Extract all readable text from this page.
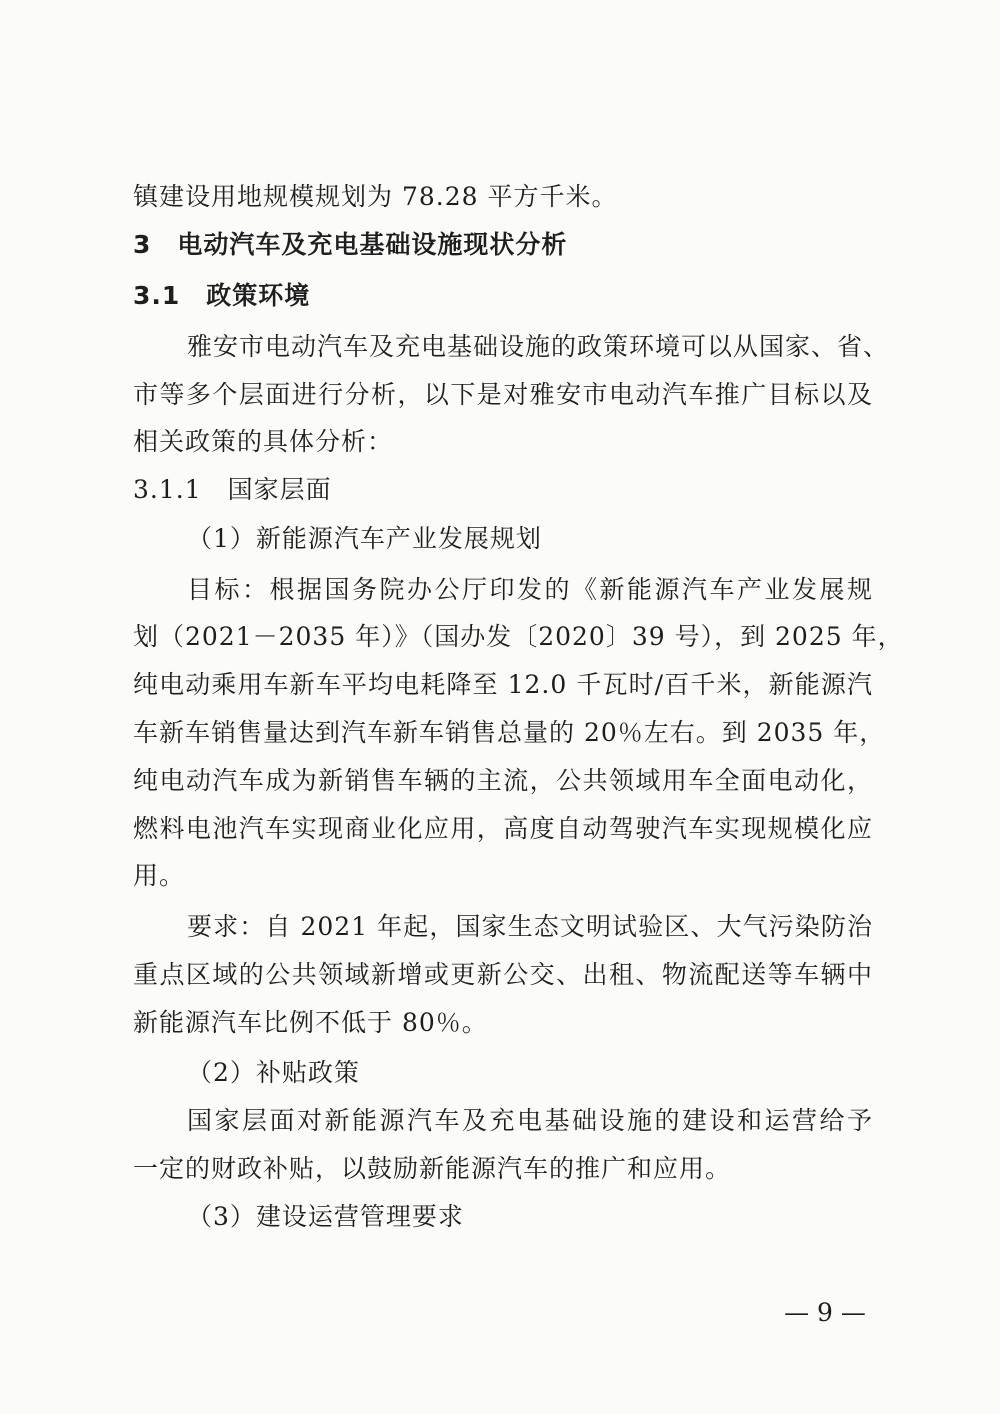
镇建设用地规模规划为 78.28 平方千米。
3　电动汽车及充电基础设施现状分析
3.1　政策环境
雅安市电动汽车及充电基础设施的政策环境可以从国家、省、
市等多个层面进行分析，以下是对雅安市电动汽车推广目标以及
相关政策的具体分析：
3.1.1　国家层面
（1）新能源汽车产业发展规划
目标：根据国务院办公厅印发的《新能源汽车产业发展规
划（2021－2035 年）》（国办发〔2020〕39 号），到 2025 年，
纯电动乘用车新车平均电耗降至 12.0 千瓦时/百千米，新能源汽
车新车销售量达到汽车新车销售总量的 20％左右。到 2035 年，
纯电动汽车成为新销售车辆的主流，公共领域用车全面电动化，
燃料电池汽车实现商业化应用，高度自动驾驶汽车实现规模化应
用。
要求：自 2021 年起，国家生态文明试验区、大气污染防治
重点区域的公共领域新增或更新公交、出租、物流配送等车辆中
新能源汽车比例不低于 80％。
（2）补贴政策
国家层面对新能源汽车及充电基础设施的建设和运营给予
一定的财政补贴，以鼓励新能源汽车的推广和应用。
（3）建设运营管理要求
— 9 —
